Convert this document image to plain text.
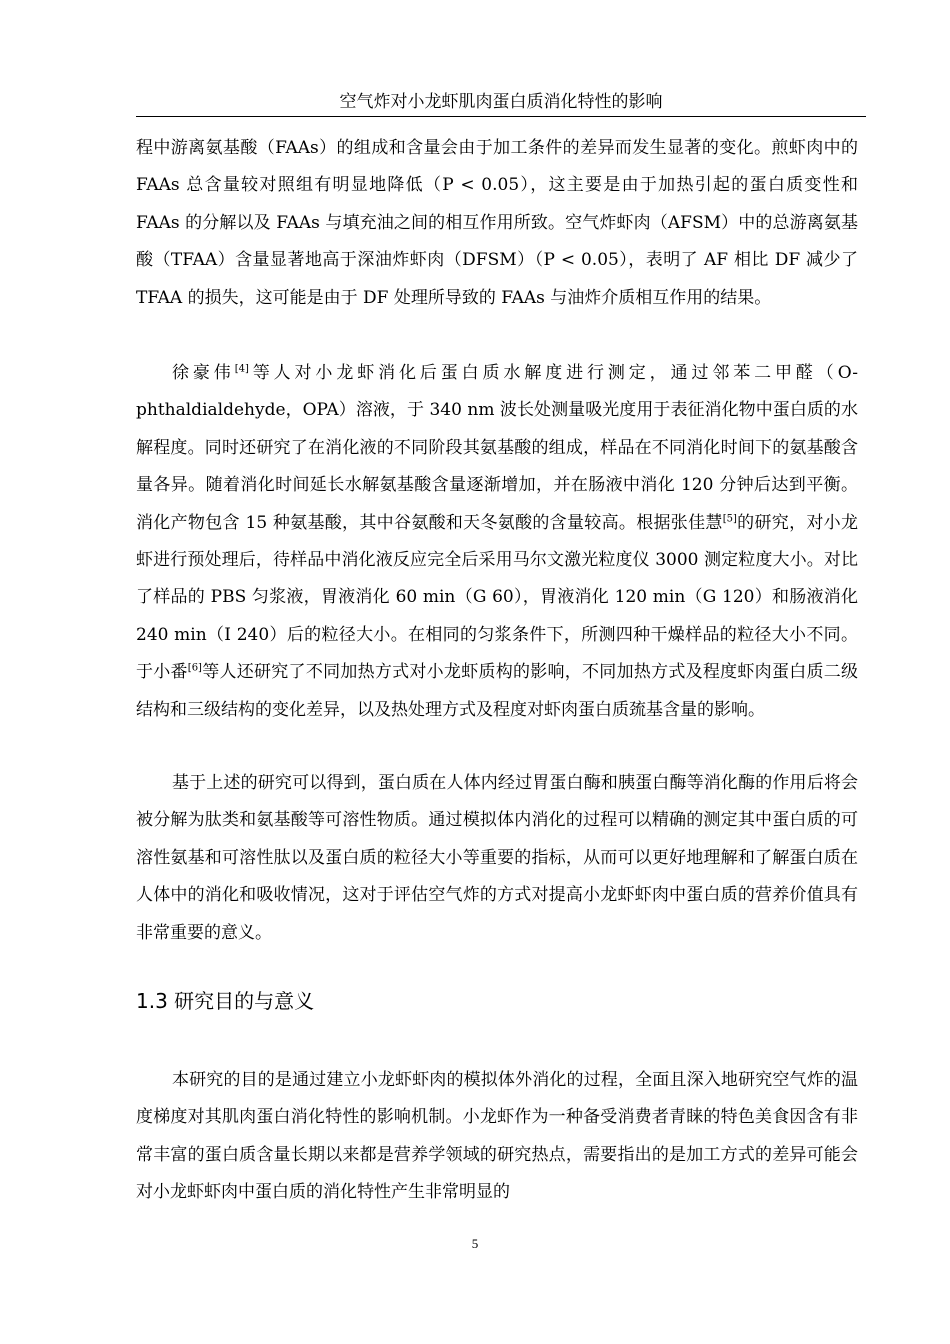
空气炸对小龙虾肌肉蛋白质消化特性的影响

程中游离氨基酸（FAAs）的组成和含量会由于加工条件的差异而发生显著的变化。煎虾肉中的 FAAs 总含量较对照组有明显地降低（P < 0.05），这主要是由于加热引起的蛋白质变性和 FAAs 的分解以及 FAAs 与填充油之间的相互作用所致。空气炸虾肉（AFSM）中的总游离氨基酸（TFAA）含量显著地高于深油炸虾肉（DFSM）（P < 0.05），表明了 AF 相比 DF 减少了 TFAA 的损失，这可能是由于 DF 处理所导致的 FAAs 与油炸介质相互作用的结果。

徐豪伟[4]等人对小龙虾消化后蛋白质水解度进行测定，通过邻苯二甲醛（O-phthaldialdehyde，OPA）溶液，于 340 nm 波长处测量吸光度用于表征消化物中蛋白质的水解程度。同时还研究了在消化液的不同阶段其氨基酸的组成，样品在不同消化时间下的氨基酸含量各异。随着消化时间延长水解氨基酸含量逐渐增加，并在肠液中消化 120 分钟后达到平衡。消化产物包含 15 种氨基酸，其中谷氨酸和天冬氨酸的含量较高。根据张佳慧[5]的研究，对小龙虾进行预处理后，待样品中消化液反应完全后采用马尔文激光粒度仪 3000 测定粒度大小。对比了样品的 PBS 匀浆液，胃液消化 60 min（G 60），胃液消化 120 min（G 120）和肠液消化 240 min（I 240）后的粒径大小。在相同的匀浆条件下，所测四种干燥样品的粒径大小不同。于小番[6]等人还研究了不同加热方式对小龙虾质构的影响，不同加热方式及程度虾肉蛋白质二级结构和三级结构的变化差异，以及热处理方式及程度对虾肉蛋白质巯基含量的影响。

基于上述的研究可以得到，蛋白质在人体内经过胃蛋白酶和胰蛋白酶等消化酶的作用后将会被分解为肽类和氨基酸等可溶性物质。通过模拟体内消化的过程可以精确的测定其中蛋白质的可溶性氨基和可溶性肽以及蛋白质的粒径大小等重要的指标，从而可以更好地理解和了解蛋白质在人体中的消化和吸收情况，这对于评估空气炸的方式对提高小龙虾虾肉中蛋白质的营养价值具有非常重要的意义。

1.3 研究目的与意义

本研究的目的是通过建立小龙虾虾肉的模拟体外消化的过程，全面且深入地研究空气炸的温度梯度对其肌肉蛋白消化特性的影响机制。小龙虾作为一种备受消费者青睐的特色美食因含有非常丰富的蛋白质含量长期以来都是营养学领域的研究热点，需要指出的是加工方式的差异可能会对小龙虾虾肉中蛋白质的消化特性产生非常明显的

5
